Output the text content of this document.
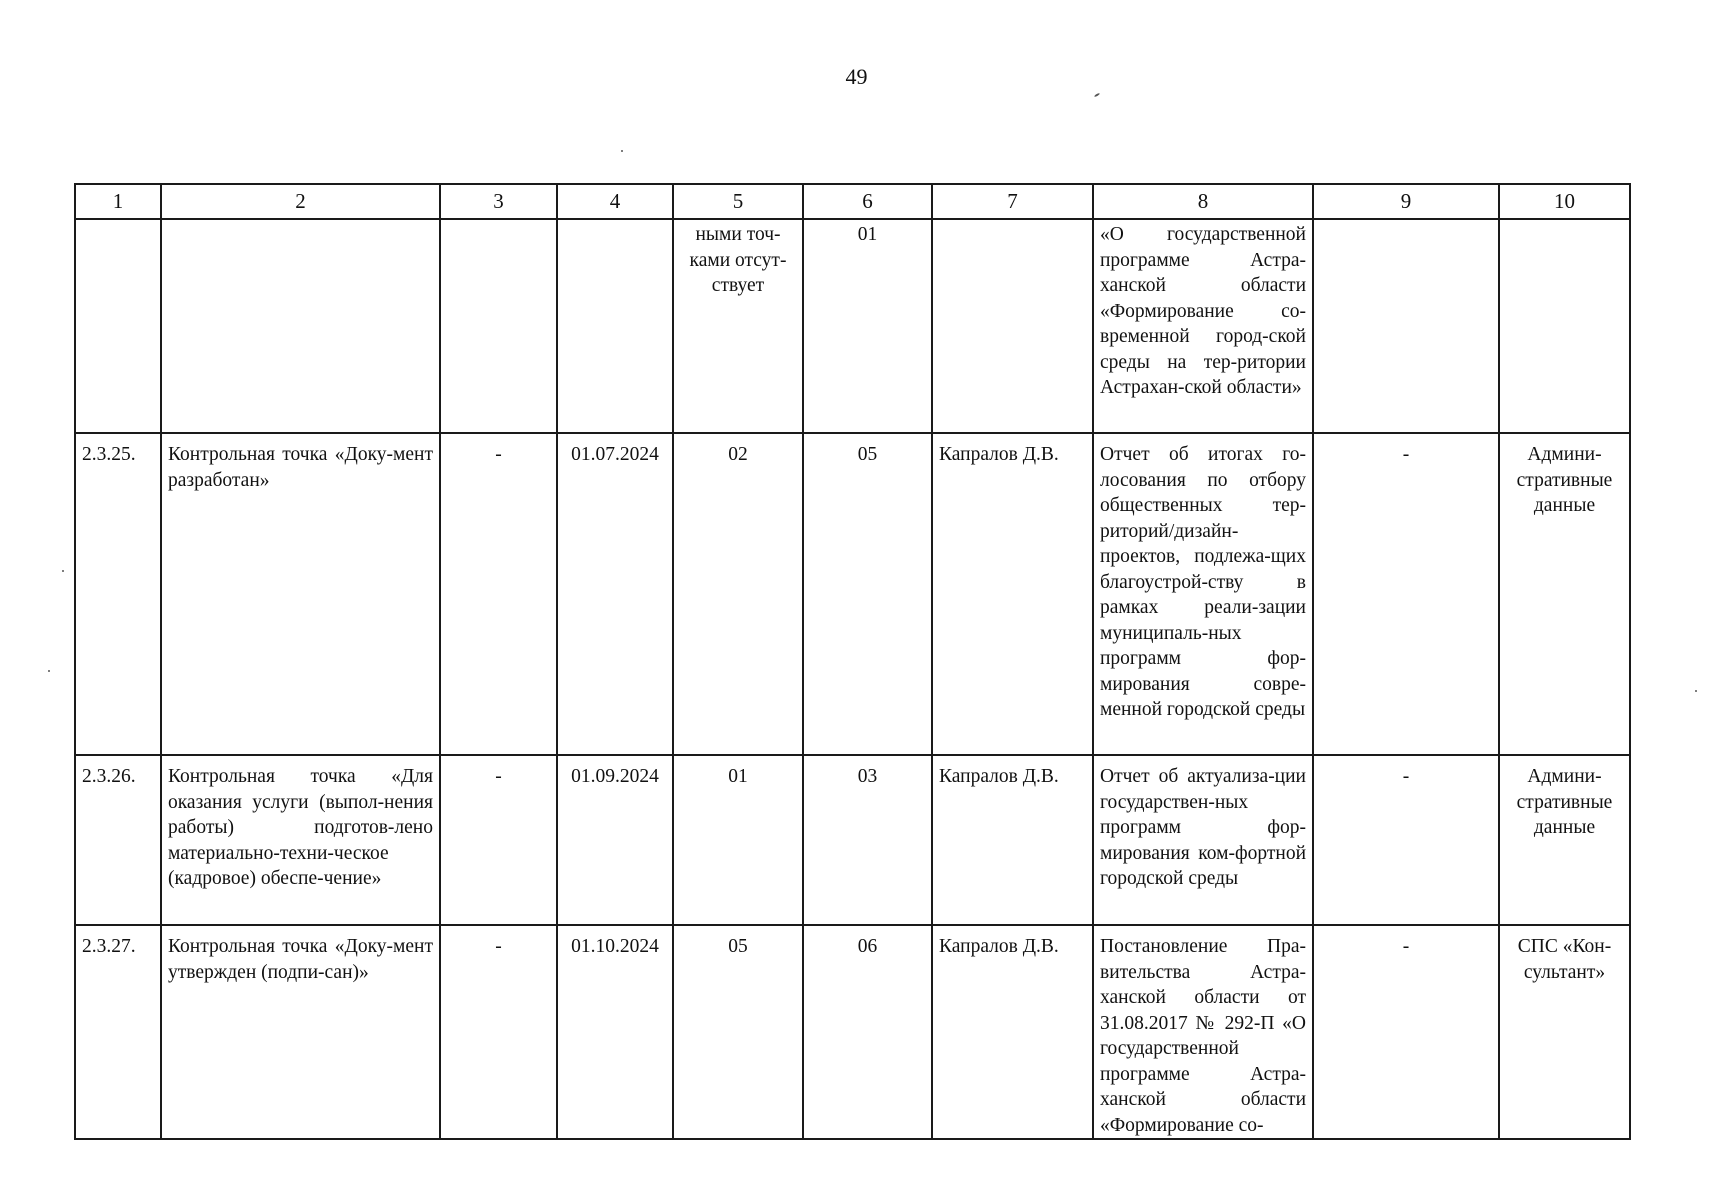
49
1	2	3	4	5	6	7	8	9	10
				ными точ-ками отсут-ствует	01		«О государственной программе Астра-ханской области «Формирование со-временной город-ской среды на тер-ритории Астрахан-ской области»		
2.3.25.	Контрольная точка «Доку-мент разработан»	-	01.07.2024	02	05	Капралов Д.В.	Отчет об итогах го-лосования по отбору общественных тер-риторий/дизайн-проектов, подлежа-щих благоустрой-ству в рамках реали-зации муниципаль-ных программ фор-мирования совре-менной городской среды	-	Админи-стративные данные
2.3.26.	Контрольная точка «Для оказания услуги (выпол-нения работы) подготов-лено материально-техни-ческое (кадровое) обеспе-чение»	-	01.09.2024	01	03	Капралов Д.В.	Отчет об актуализа-ции государствен-ных программ фор-мирования ком-фортной городской среды	-	Админи-стративные данные
2.3.27.	Контрольная точка «Доку-мент утвержден (подпи-сан)»	-	01.10.2024	05	06	Капралов Д.В.	Постановление Пра-вительства Астра-ханской области от 31.08.2017 № 292-П «О государственной программе Астра-ханской области «Формирование со-	-	СПС «Кон-сультант»
